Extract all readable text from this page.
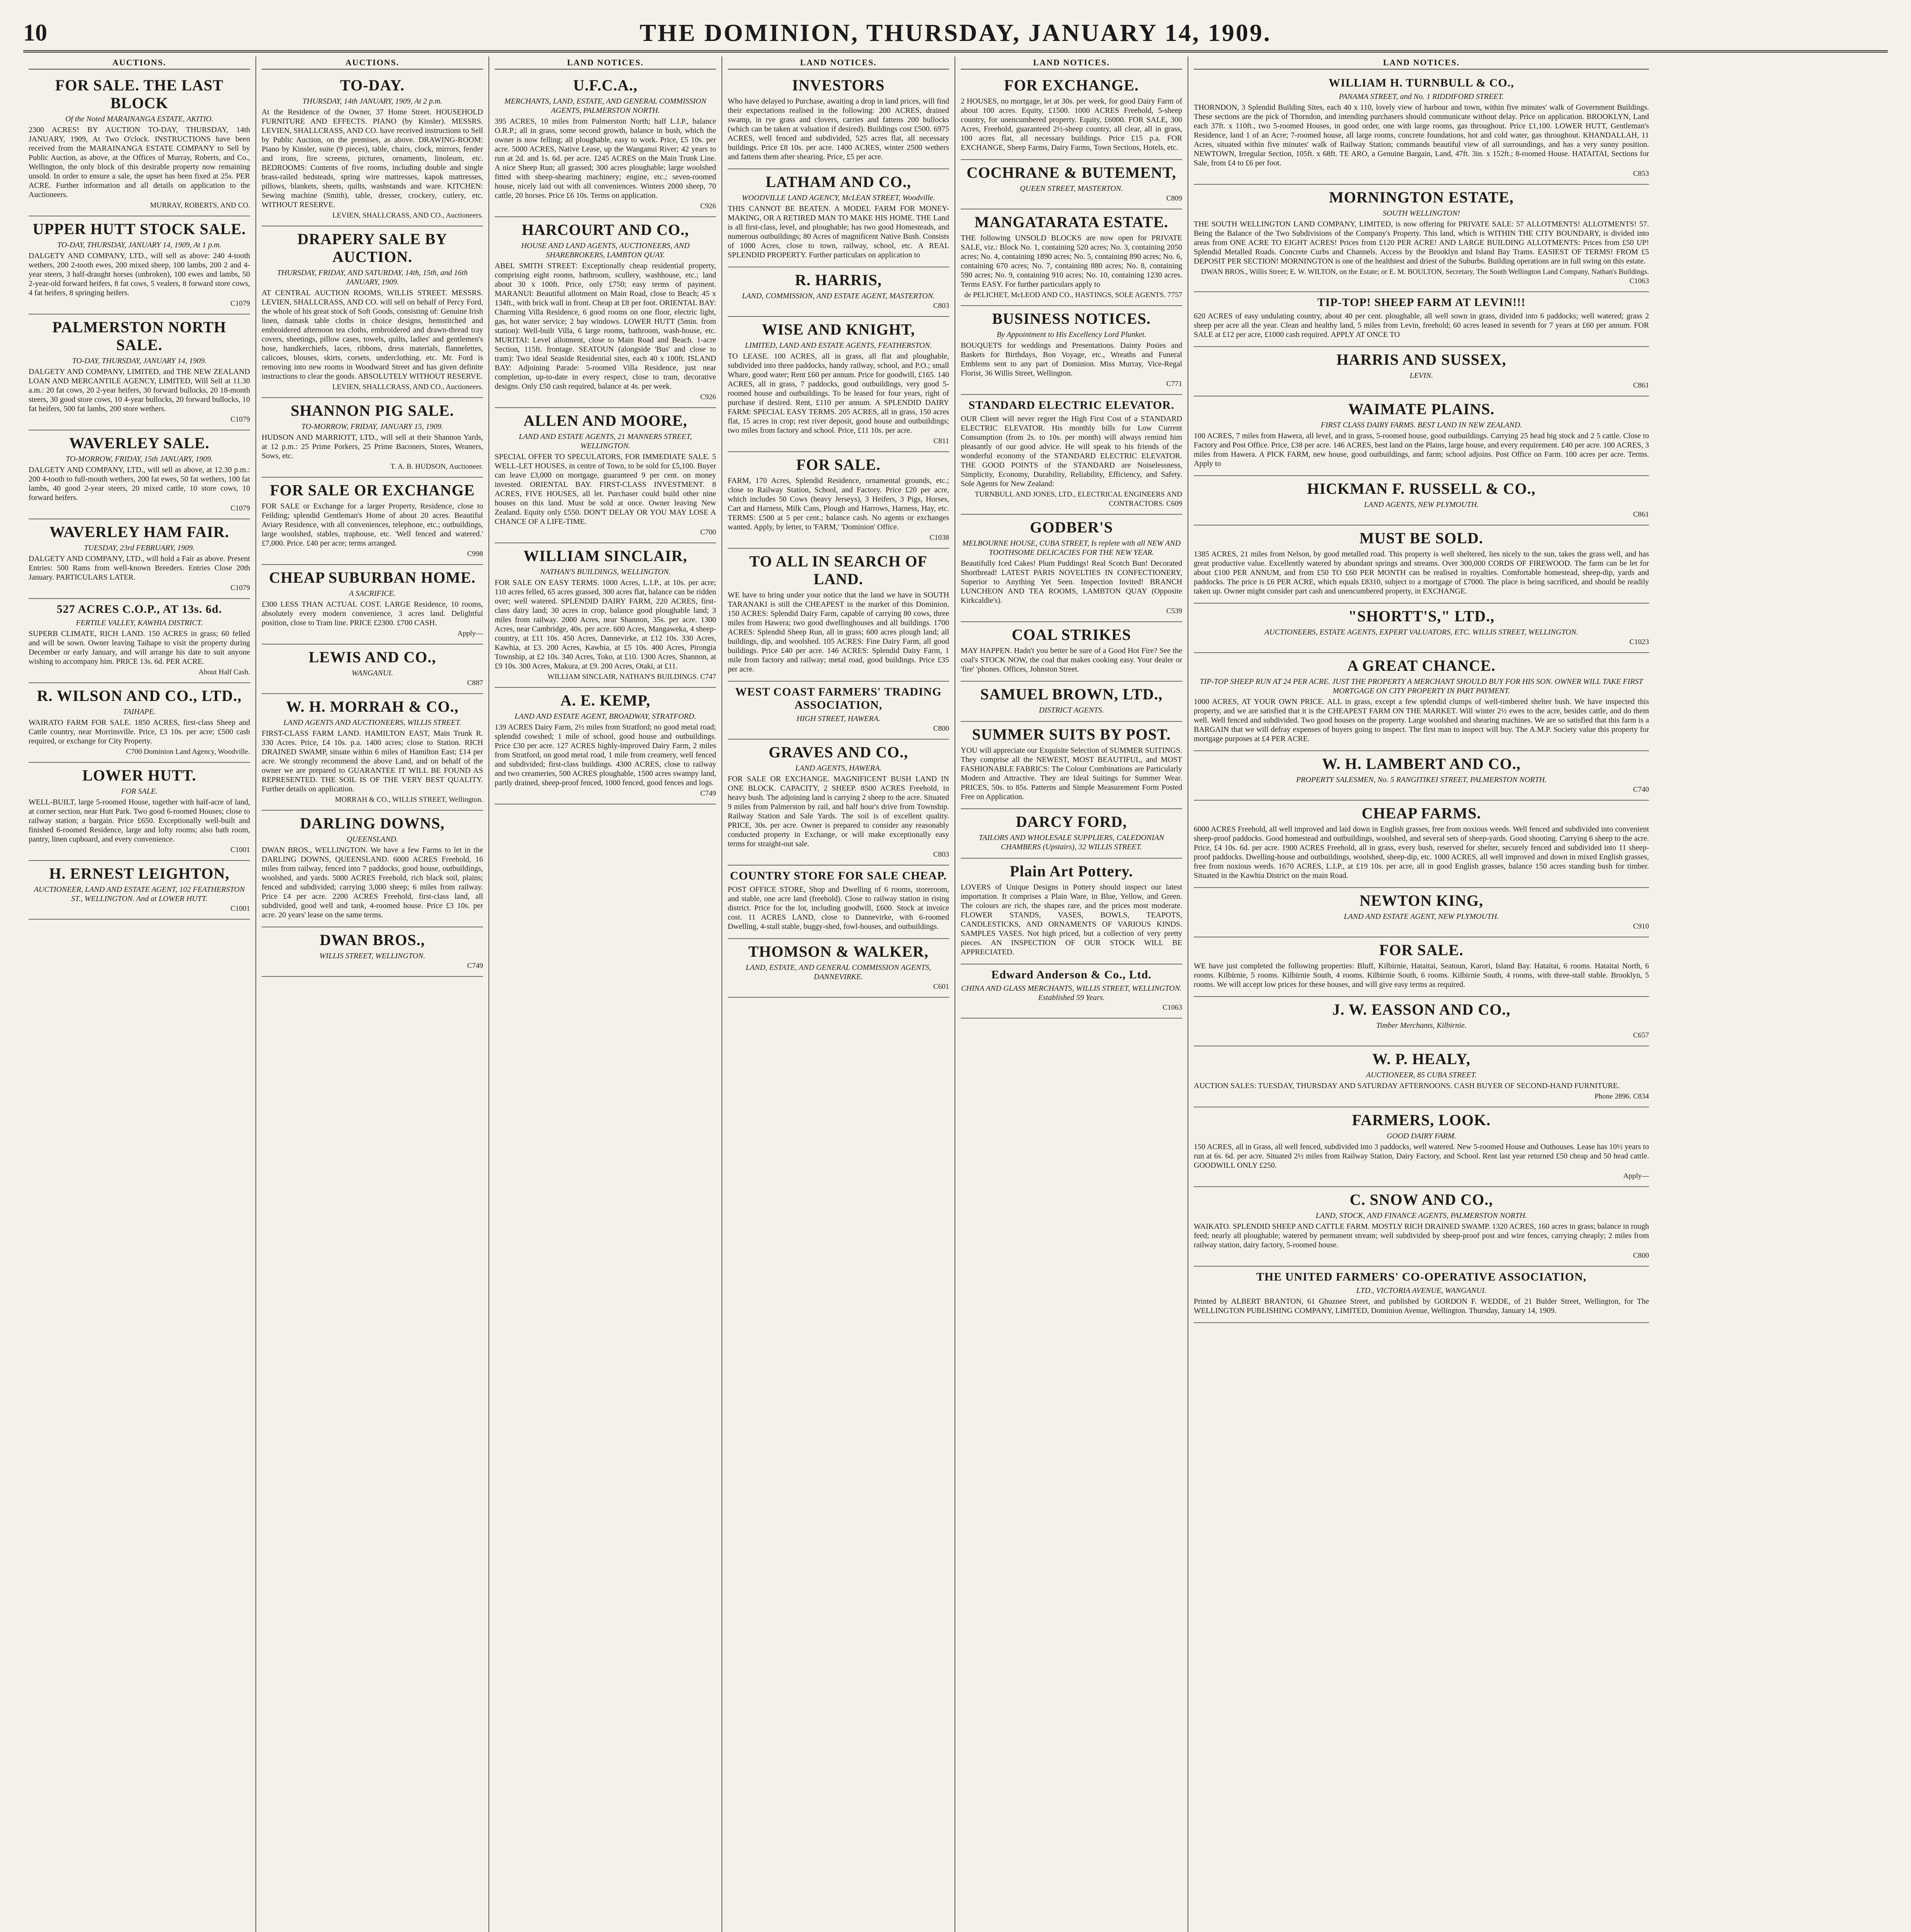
10	THE DOMINION, THURSDAY, JANUARY 14, 1909.
AUCTIONS.
FOR SALE. THE LAST BLOCK
Of the Noted MARAINANGA ESTATE, AKITIO.

2300 ACRES! BY AUCTION TO-DAY, THURSDAY, 14th JANUARY, 1909, At Two O'clock. INSTRUCTIONS have been received from the MARAINANGA ESTATE COMPANY to Sell by Public Auction, as above, at the Offices of Murray, Roberts, and Co., Wellington, the only block of this desirable property now remaining unsold. In order to ensure a sale, the upset has been fixed at 25s. PER ACRE. Further information and all details on application to the Auctioneers.

MURRAY, ROBERTS, AND CO.
UPPER HUTT STOCK SALE.
TO-DAY, THURSDAY, JANUARY 14, 1909, At 1 p.m.

DALGETY AND COMPANY, LTD., will sell as above: 240 4-tooth wethers, 200 2-tooth ewes, 200 mixed sheep, 100 lambs, 200 2 and 4-year steers, 3 half-draught horses (unbroken), 100 ewes and lambs, 50 2-year-old forward heifers, 8 fat cows, 5 vealers, 8 forward store cows, 4 fat heifers, 8 springing heifers.

C1079
PALMERSTON NORTH SALE.
TO-DAY, THURSDAY, JANUARY 14, 1909.

DALGETY AND COMPANY, LIMITED, and THE NEW ZEALAND LOAN AND MERCANTILE AGENCY, LIMITED, Will Sell at 11.30 a.m.: 20 fat cows, 20 2-year heifers, 30 forward bullocks, 20 18-month steers, 30 good store cows, 10 4-year bullocks, 20 forward bullocks, 10 fat heifers, 500 fat lambs, 200 store wethers.

C1079
WAVERLEY SALE.
TO-MORROW, FRIDAY, 15th JANUARY, 1909.

DALGETY AND COMPANY, LTD., will sell as above, at 12.30 p.m.: 200 4-tooth to full-mouth wethers, 200 fat ewes, 50 fat wethers, 100 fat lambs, 40 good 2-year steers, 20 mixed cattle, 10 store cows, 10 forward heifers.

C1079
WAVERLEY HAM FAIR.
TUESDAY, 23rd FEBRUARY, 1909.

DALGETY AND COMPANY, LTD., will hold a Fair as above. Present Entries: 500 Rams from well-known Breeders. Entries Close 20th January. PARTICULARS LATER.

C1079
527 ACRES C.O.P., AT 13s. 6d.
FERTILE VALLEY, KAWHIA DISTRICT.

SUPERB CLIMATE, RICH LAND. 150 ACRES in grass; 60 felled and will be sown. Owner leaving Taihape to visit the property during December or early January, and will arrange his date to suit anyone wishing to accompany him. PRICE 13s. 6d. PER ACRE.

About Half Cash.
R. WILSON AND CO., LTD.,
TAIHAPE.

WAIRATO FARM FOR SALE. 1850 ACRES, first-class Sheep and Cattle country, near Morrinsville. Price, £3 10s. per acre; £500 cash required, or exchange for City Property.

C700 Dominion Land Agency, Woodville.
LOWER HUTT.
FOR SALE.

WELL-BUILT, large 5-roomed House, together with half-acre of land, at corner section, near Hutt Park. Two good 6-roomed Houses; close to railway station; a bargain. Price £650. Exceptionally well-built and finished 6-roomed Residence, large and lofty rooms; also bath room, pantry, linen cupboard, and every convenience.

C1001
H. ERNEST LEIGHTON,
AUCTIONEER, LAND AND ESTATE AGENT, 102 FEATHERSTON ST., WELLINGTON. And at LOWER HUTT.
C1001
AUCTIONS.
TO-DAY.
THURSDAY, 14th JANUARY, 1909, At 2 p.m.

At the Residence of the Owner, 37 Home Street. HOUSEHOLD FURNITURE AND EFFECTS. PIANO (by Kinsler). MESSRS. LEVIEN, SHALLCRASS, AND CO. have received instructions to Sell by Public Auction, on the premises, as above. DRAWING-ROOM: Piano by Kinsler, suite (9 pieces), table, chairs, clock, mirrors, fender and irons, fire screens, pictures, ornaments, linoleum, etc. BEDROOMS: Contents of five rooms, including double and single brass-railed bedsteads, spring wire mattresses, kapok mattresses, pillows, blankets, sheets, quilts, washstands and ware. KITCHEN: Sewing machine (Smith), table, dresser, crockery, cutlery, etc. WITHOUT RESERVE.

LEVIEN, SHALLCRASS, AND CO., Auctioneers.
DRAPERY SALE BY AUCTION.
THURSDAY, FRIDAY, AND SATURDAY, 14th, 15th, and 16th JANUARY, 1909.

AT CENTRAL AUCTION ROOMS, WILLIS STREET. MESSRS. LEVIEN, SHALLCRASS, AND CO. will sell on behalf of Percy Ford, the whole of his great stock of Soft Goods, consisting of: Genuine Irish linen, damask table cloths in choice designs, hemstitched and embroidered afternoon tea cloths, embroidered and drawn-thread tray covers, sheetings, pillow cases, towels, quilts, ladies' and gentlemen's hose, handkerchiefs, laces, ribbons, dress materials, flannelettes, calicoes, blouses, skirts, corsets, underclothing, etc. Mr. Ford is removing into new rooms in Woodward Street and has given definite instructions to clear the goods. ABSOLUTELY WITHOUT RESERVE.

LEVIEN, SHALLCRASS, AND CO., Auctioneers.
SHANNON PIG SALE.
TO-MORROW, FRIDAY, JANUARY 15, 1909.

HUDSON AND MARRIOTT, LTD., will sell at their Shannon Yards, at 12 p.m.: 25 Prime Porkers, 25 Prime Baconers, Stores, Weaners, Sows, etc.

T. A. B. HUDSON, Auctioneer.
FOR SALE OR EXCHANGE

FOR SALE or Exchange for a larger Property, Residence, close to Feilding; splendid Gentleman's Home of about 20 acres. Beautiful Aviary Residence, with all conveniences, telephone, etc.; outbuildings, large woolshed, stables, traphouse, etc. 'Well fenced and watered.' £7,000. Price. £40 per acre; terms arranged.

C998
CHEAP SUBURBAN HOME.
A SACRIFICE.

£300 LESS THAN ACTUAL COST. LARGE Residence, 10 rooms, absolutely every modern convenience, 3 acres land. Delightful position, close to Tram line. PRICE £2300. £700 CASH.

Apply—
LEWIS AND CO.,
WANGANUI.
C887
W. H. MORRAH & CO.,
LAND AGENTS AND AUCTIONEERS, WILLIS STREET.

FIRST-CLASS FARM LAND. HAMILTON EAST, Main Trunk R. 330 Acres. Price, £4 10s. p.a. 1400 acres; close to Station. RICH DRAINED SWAMP, situate within 6 miles of Hamilton East; £14 per acre. We strongly recommend the above Land, and on behalf of the owner we are prepared to GUARANTEE IT WILL BE FOUND AS REPRESENTED. THE SOIL IS OF THE VERY BEST QUALITY. Further details on application.

MORRAH & CO., WILLIS STREET, Wellington.
DARLING DOWNS,
QUEENSLAND.

DWAN BROS., WELLINGTON. We have a few Farms to let in the DARLING DOWNS, QUEENSLAND. 6000 ACRES Freehold, 16 miles from railway, fenced into 7 paddocks, good house, outbuildings, woolshed, and yards. 5000 ACRES Freehold, rich black soil, plains; fenced and subdivided; carrying 3,000 sheep; 6 miles from railway. Price £4 per acre. 2200 ACRES Freehold, first-class land, all subdivided, good well and tank, 4-roomed house. Price £3 10s. per acre. 20 years' lease on the same terms.

DWAN BROS.,
WILLIS STREET, WELLINGTON.
C749
LAND NOTICES.
U.F.C.A.,
MERCHANTS, LAND, ESTATE, AND GENERAL COMMISSION AGENTS, PALMERSTON NORTH.

395 ACRES, 10 miles from Palmerston North; half L.I.P., balance O.R.P.; all in grass, some second growth, balance in bush, which the owner is now felling; all ploughable, easy to work. Price, £5 10s. per acre. 5000 ACRES, Native Lease, up the Wanganui River; 42 years to run at 2d. and 1s. 6d. per acre. 1245 ACRES on the Main Trunk Line. A nice Sheep Run; all grassed; 300 acres ploughable; large woolshed fitted with sheep-shearing machinery; engine, etc.; seven-roomed house, nicely laid out with all conveniences. Winters 2000 sheep, 70 cattle, 20 horses. Price £6 10s. Terms on application.

C926
HARCOURT AND CO.,
HOUSE AND LAND AGENTS, AUCTIONEERS, AND SHAREBROKERS, LAMBTON QUAY.

ABEL SMITH STREET: Exceptionally cheap residential property, comprising eight rooms, bathroom, scullery, washhouse, etc.; land about 30 x 100ft. Price, only £750; easy terms of payment. MARANUI: Beautiful allotment on Main Road, close to Beach; 45 x 134ft., with brick wall in front. Cheap at £8 per foot. ORIENTAL BAY: Charming Villa Residence, 6 good rooms on one floor, electric light, gas, hot water service; 2 bay windows. LOWER HUTT (5min. from station): Well-built Villa, 6 large rooms, bathroom, wash-house, etc. MURITAI: Level allotment, close to Main Road and Beach. 1-acre Section, 115ft. frontage. SEATOUN (alongside 'Bus' and close to tram): Two ideal Seaside Residential sites, each 40 x 100ft. ISLAND BAY: Adjoining Parade: 5-roomed Villa Residence, just near completion, up-to-date in every respect, close to tram, decorative designs. Only £50 cash required, balance at 4s. per week.

C926
ALLEN AND MOORE,
LAND AND ESTATE AGENTS, 21 MANNERS STREET, WELLINGTON.

SPECIAL OFFER TO SPECULATORS, FOR IMMEDIATE SALE. 5 WELL-LET HOUSES, in centre of Town, to be sold for £5,100. Buyer can leave £3,000 on mortgage, guaranteed 9 per cent. on money invested. ORIENTAL BAY. FIRST-CLASS INVESTMENT. 8 ACRES, FIVE HOUSES, all let. Purchaser could build other nine houses on this land. Must be sold at once. Owner leaving New Zealand. Equity only £550. DON'T DELAY OR YOU MAY LOSE A CHANCE OF A LIFE-TIME.

C700
WILLIAM SINCLAIR,
NATHAN'S BUILDINGS, WELLINGTON.

FOR SALE ON EASY TERMS. 1000 Acres, L.I.P., at 10s. per acre; 110 acres felled, 65 acres grassed, 300 acres flat, balance can be ridden over; well watered. SPLENDID DAIRY FARM, 220 ACRES, first-class dairy land; 30 acres in crop, balance good ploughable land; 3 miles from railway. 2000 Acres, near Shannon, 35s. per acre. 1300 Acres, near Cambridge, 40s. per acre. 600 Acres, Mangaweka, 4 sheep-country, at £11 10s. 450 Acres, Dannevirke, at £12 10s. 330 Acres, Kawhia, at £3. 200 Acres, Kawhia, at £5 10s. 400 Acres, Pirongia Township, at £2 10s. 340 Acres, Toko, at £10. 1300 Acres, Shannon, at £9 10s. 300 Acres, Makura, at £9. 200 Acres, Otaki, at £11.

WILLIAM SINCLAIR, NATHAN'S BUILDINGS. C747
A. E. KEMP,
LAND AND ESTATE AGENT, BROADWAY, STRATFORD.

139 ACRES Dairy Farm, 2½ miles from Stratford; no good metal road; splendid cowshed; 1 mile of school, good house and outbuildings. Price £30 per acre. 127 ACRES highly-improved Dairy Farm, 2 miles from Stratford, on good metal road, 1 mile from creamery, well fenced and subdivided; first-class buildings. 4300 ACRES, close to railway and two creameries, 500 ACRES ploughable, 1500 acres swampy land, partly drained, sheep-proof fenced, 1000 fenced, good fences and logs.

C749
LAND NOTICES.
INVESTORS

Who have delayed to Purchase, awaiting a drop in land prices, will find their expectations realised in the following: 200 ACRES, drained swamp, in rye grass and clovers, carries and fattens 200 bullocks (which can be taken at valuation if desired). Buildings cost £500. 6975 ACRES, well fenced and subdivided, 525 acres flat, all necessary buildings. Price £8 10s. per acre. 1400 ACRES, winter 2500 wethers and fattens them after shearing. Price, £5 per acre.

LATHAM AND CO.,
WOODVILLE LAND AGENCY, McLEAN STREET, Woodville.

THIS CANNOT BE BEATEN. A MODEL FARM FOR MONEY-MAKING, OR A RETIRED MAN TO MAKE HIS HOME. THE Land is all first-class, level, and ploughable; has two good Homesteads, and numerous outbuildings; 80 Acres of magnificent Native Bush. Consists of 1000 Acres, close to town, railway, school, etc. A REAL SPLENDID PROPERTY. Further particulars on application to

R. HARRIS,
LAND, COMMISSION, AND ESTATE AGENT, MASTERTON.
C803
WISE AND KNIGHT,
LIMITED, LAND AND ESTATE AGENTS, FEATHERSTON.

TO LEASE. 100 ACRES, all in grass, all flat and ploughable, subdivided into three paddocks, handy railway, school, and P.O.; small Whare, good water; Rent £60 per annum. Price for goodwill, £165. 140 ACRES, all in grass, 7 paddocks, good outbuildings, very good 5-roomed house and outbuildings. To be leased for four years, right of purchase if desired. Rent, £110 per annum. A SPLENDID DAIRY FARM: SPECIAL EASY TERMS. 205 ACRES, all in grass, 150 acres flat, 15 acres in crop; rest river deposit, good house and outbuildings; two miles from factory and school. Price, £11 10s. per acre.

C811
FOR SALE.

FARM, 170 Acres, Splendid Residence, ornamental grounds, etc.; close to Railway Station, School, and Factory. Price £20 per acre, which includes 50 Cows (heavy Jerseys), 3 Heifers, 3 Pigs, Horses, Cart and Harness, Milk Cans, Plough and Harrows, Harness, Hay, etc. TERMS: £500 at 5 per cent.; balance cash. No agents or exchanges wanted. Apply, by letter, to 'FARM,' 'Dominion' Office.

C1038
TO ALL IN SEARCH OF LAND.

WE have to bring under your notice that the land we have in SOUTH TARANAKI is still the CHEAPEST in the market of this Dominion. 150 ACRES: Splendid Dairy Farm, capable of carrying 80 cows, three miles from Hawera; two good dwellinghouses and all buildings. 1700 ACRES: Splendid Sheep Run, all in grass; 600 acres plough land; all buildings, dip, and woolshed. 105 ACRES: Fine Dairy Farm, all good buildings. Price £40 per acre. 146 ACRES: Splendid Dairy Farm, 1 mile from factory and railway; metal road, good buildings. Price £35 per acre.

WEST COAST FARMERS' TRADING ASSOCIATION,
HIGH STREET, HAWERA.
C800
GRAVES AND CO.,
LAND AGENTS, HAWERA.

FOR SALE OR EXCHANGE. MAGNIFICENT BUSH LAND IN ONE BLOCK. CAPACITY, 2 SHEEP. 8500 ACRES Freehold, in heavy bush. The adjoining land is carrying 2 sheep to the acre. Situated 9 miles from Palmerston by rail, and half hour's drive from Township. Railway Station and Sale Yards. The soil is of excellent quality. PRICE, 30s. per acre. Owner is prepared to consider any reasonably conducted property in Exchange, or will make exceptionally easy terms for straight-out sale.

C803
COUNTRY STORE FOR SALE CHEAP.

POST OFFICE STORE, Shop and Dwelling of 6 rooms, storeroom, and stable, one acre land (freehold). Close to railway station in rising district. Price for the lot, including goodwill, £600. Stock at invoice cost. 11 ACRES LAND, close to Dannevirke, with 6-roomed Dwelling, 4-stall stable, buggy-shed, fowl-houses, and outbuildings.

THOMSON & WALKER,
LAND, ESTATE, AND GENERAL COMMISSION AGENTS, DANNEVIRKE.
C601
LAND NOTICES.
FOR EXCHANGE.

2 HOUSES, no mortgage, let at 30s. per week, for good Dairy Farm of about 100 acres. Equity, £1500. 1000 ACRES Freehold, 5-sheep country, for unencumbered property. Equity, £6000. FOR SALE, 300 Acres, Freehold, guaranteed 2½-sheep country, all clear, all in grass, 100 acres flat, all necessary buildings. Price £15 p.a. FOR EXCHANGE, Sheep Farms, Dairy Farms, Town Sections, Hotels, etc.

COCHRANE & BUTEMENT,
QUEEN STREET, MASTERTON.
C809
MANGATARATA ESTATE.

THE following UNSOLD BLOCKS are now open for PRIVATE SALE, viz.: Block No. 1, containing 520 acres; No. 3, containing 2050 acres; No. 4, containing 1890 acres; No. 5, containing 890 acres; No. 6, containing 670 acres; No. 7, containing 880 acres; No. 8, containing 590 acres; No. 9, containing 910 acres; No. 10, containing 1230 acres. Terms EASY. For further particulars apply to

de PELICHET, McLEOD AND CO., HASTINGS, SOLE AGENTS. 7757
BUSINESS NOTICES.
By Appointment to His Excellency Lord Plunket.

BOUQUETS for weddings and Presentations. Dainty Posies and Baskets for Birthdays, Bon Voyage, etc., Wreaths and Funeral Emblems sent to any part of Dominion. Miss Murray, Vice-Regal Florist, 36 Willis Street, Wellington.

C771
STANDARD ELECTRIC ELEVATOR.

OUR Client will never regret the High First Cost of a STANDARD ELECTRIC ELEVATOR. His monthly bills for Low Current Consumption (from 2s. to 10s. per month) will always remind him pleasantly of our good advice. He will speak to his friends of the wonderful economy of the STANDARD ELECTRIC ELEVATOR. THE GOOD POINTS of the STANDARD are Noiselessness, Simplicity, Economy, Durability, Reliability, Efficiency, and Safety. Sole Agents for New Zealand:

TURNBULL AND JONES, LTD., ELECTRICAL ENGINEERS AND CONTRACTORS. C609
GODBER'S
MELBOURNE HOUSE, CUBA STREET, Is replete with all NEW AND TOOTHSOME DELICACIES FOR THE NEW YEAR.

Beautifully Iced Cakes! Plum Puddings! Real Scotch Bun! Decorated Shortbread! LATEST PARIS NOVELTIES IN CONFECTIONERY, Superior to Anything Yet Seen. Inspection Invited! BRANCH LUNCHEON AND TEA ROOMS, LAMBTON QUAY (Opposite Kirkcaldie's).

C539
COAL STRIKES

MAY HAPPEN. Hadn't you better be sure of a Good Hot Fire? See the coal's STOCK NOW, the coal that makes cooking easy. Your dealer or 'fire' 'phones. Offices, Johnston Street.

SAMUEL BROWN, LTD.,
DISTRICT AGENTS.
SUMMER SUITS BY POST.

YOU will appreciate our Exquisite Selection of SUMMER SUITINGS. They comprise all the NEWEST, MOST BEAUTIFUL, and MOST FASHIONABLE FABRICS: The Colour Combinations are Particularly Modern and Attractive. They are Ideal Suitings for Summer Wear. PRICES, 50s. to 85s. Patterns and Simple Measurement Form Posted Free on Application.

DARCY FORD,
TAILORS AND WHOLESALE SUPPLIERS, CALEDONIAN CHAMBERS (Upstairs), 32 WILLIS STREET.
Plain Art Pottery.

LOVERS of Unique Designs in Pottery should inspect our latest importation. It comprises a Plain Ware, in Blue, Yellow, and Green. The colours are rich, the shapes rare, and the prices most moderate. FLOWER STANDS, VASES, BOWLS, TEAPOTS, CANDLESTICKS, AND ORNAMENTS OF VARIOUS KINDS. SAMPLES VASES. Not high priced, but a collection of very pretty pieces. AN INSPECTION OF OUR STOCK WILL BE APPRECIATED.

Edward Anderson & Co., Ltd.
CHINA AND GLASS MERCHANTS, WILLIS STREET, WELLINGTON. Established 59 Years.
C1063
LAND NOTICES.
WILLIAM H. TURNBULL & CO.,
PANAMA STREET, and No. 1 RIDDIFORD STREET.

THORNDON, 3 Splendid Building Sites, each 40 x 110, lovely view of harbour and town, within five minutes' walk of Government Buildings. These sections are the pick of Thorndon, and intending purchasers should communicate without delay. Price on application. BROOKLYN, Land each 37ft. x 110ft., two 5-roomed Houses, in good order, one with large rooms, gas throughout. Price £1,100. LOWER HUTT, Gentleman's Residence, land 1 of an Acre; 7-roomed house, all large rooms, concrete foundations, hot and cold water, gas throughout. KHANDALLAH, 11 Acres, situated within five minutes' walk of Railway Station; commands beautiful view of all surroundings, and has a very sunny position. NEWTOWN, Irregular Section, 105ft. x 68ft. TE ARO, a Genuine Bargain, Land, 47ft. 3in. x 152ft.; 8-roomed House. HATAITAI, Sections for Sale, from £4 to £6 per foot.

C853
MORNINGTON ESTATE,
SOUTH WELLINGTON!

THE SOUTH WELLINGTON LAND COMPANY, LIMITED, is now offering for PRIVATE SALE: 57 ALLOTMENTS! ALLOTMENTS! 57. Being the Balance of the Two Subdivisions of the Company's Property. This land, which is WITHIN THE CITY BOUNDARY, is divided into areas from ONE ACRE TO EIGHT ACRES! Prices from £120 PER ACRE! AND LARGE BUILDING ALLOTMENTS: Prices from £50 UP! Splendid Metalled Roads. Concrete Curbs and Channels. Access by the Brooklyn and Island Bay Trams. EASIEST OF TERMS! FROM £5 DEPOSIT PER SECTION! MORNINGTON is one of the healthiest and driest of the Suburbs. Building operations are in full swing on this estate.

DWAN BROS., Willis Street; E. W. WILTON, on the Estate; or E. M. BOULTON, Secretary, The South Wellington Land Company, Nathan's Buildings. C1063
TIP-TOP! SHEEP FARM AT LEVIN!!!

620 ACRES of easy undulating country, about 40 per cent. ploughable, all well sown in grass, divided into 6 paddocks; well watered; grass 2 sheep per acre all the year. Clean and healthy land, 5 miles from Levin, freehold; 60 acres leased in seventh for 7 years at £60 per annum. FOR SALE at £12 per acre, £1000 cash required. APPLY AT ONCE TO

HARRIS AND SUSSEX,
LEVIN.
C861
WAIMATE PLAINS.
FIRST CLASS DAIRY FARMS. BEST LAND IN NEW ZEALAND.

100 ACRES, 7 miles from Hawera, all level, and in grass, 5-roomed house, good outbuildings. Carrying 25 head big stock and 2 5 cattle. Close to Factory and Post Office. Price, £38 per acre. 146 ACRES, best land on the Plains, large house, and every requirement. £40 per acre. 100 ACRES, 3 miles from Hawera. A PICK FARM, new house, good outbuildings, and farm; school adjoins. Post Office on Farm. 100 acres per acre. Terms. Apply to

HICKMAN F. RUSSELL & CO.,
LAND AGENTS, NEW PLYMOUTH.
C861
MUST BE SOLD.

1385 ACRES, 21 miles from Nelson, by good metalled road. This property is well sheltered, lies nicely to the sun, takes the grass well, and has great productive value. Excellently watered by abundant springs and streams. Over 300,000 CORDS OF FIREWOOD. The farm can be let for about £100 PER ANNUM, and from £50 TO £60 PER MONTH can be realised in royalties. Comfortable homestead, sheep-dip, yards and paddocks. The price is £6 PER ACRE, which equals £8310, subject to a mortgage of £7000. The place is being sacrificed, and should be readily taken up. Owner might consider part cash and unencumbered property, in EXCHANGE.

"SHORTT'S," LTD.,
AUCTIONEERS, ESTATE AGENTS, EXPERT VALUATORS, ETC. WILLIS STREET, WELLINGTON.
C1023
A GREAT CHANCE.
TIP-TOP SHEEP RUN AT 24 PER ACRE. JUST THE PROPERTY A MERCHANT SHOULD BUY FOR HIS SON. OWNER WILL TAKE FIRST MORTGAGE ON CITY PROPERTY IN PART PAYMENT.

1000 ACRES, AT YOUR OWN PRICE. ALL in grass, except a few splendid clumps of well-timbered shelter bush. We have inspected this property, and we are satisfied that it is the CHEAPEST FARM ON THE MARKET. Will winter 2½ ewes to the acre, besides cattle, and do them well. Well fenced and subdivided. Two good houses on the property. Large woolshed and shearing machines. We are so satisfied that this farm is a BARGAIN that we will defray expenses of buyers going to inspect. The first man to inspect will buy. The A.M.P. Society value this property for mortgage purposes at £4 PER ACRE.

W. H. LAMBERT AND CO.,
PROPERTY SALESMEN, No. 5 RANGITIKEI STREET, PALMERSTON NORTH.
C740
CHEAP FARMS.

6000 ACRES Freehold, all well improved and laid down in English grasses, free from noxious weeds. Well fenced and subdivided into convenient sheep-proof paddocks. Good homestead and outbuildings, woolshed, and several sets of sheep-yards. Good shooting. Carrying 6 sheep to the acre. Price, £4 10s. 6d. per acre. 1900 ACRES Freehold, all in grass, every bush, reserved for shelter, securely fenced and subdivided into 11 sheep-proof paddocks. Dwelling-house and outbuildings, woolshed, sheep-dip, etc. 1000 ACRES, all well improved and down in mixed English grasses, free from noxious weeds. 1670 ACRES, L.I.P., at £19 10s. per acre, all in good English grasses, balance 150 acres standing bush for timber. Situated in the Kawhia District on the main Road.

NEWTON KING,
LAND AND ESTATE AGENT, NEW PLYMOUTH.
C910
FOR SALE.

WE have just completed the following properties: Bluff, Kilbirnie, Hataitai, Seatoun, Karori, Island Bay. Hataitai, 6 rooms. Hataitai North, 6 rooms. Kilbirnie, 5 rooms. Kilbirnie South, 4 rooms. Kilbirnie South, 6 rooms. Kilbirnie South, 4 rooms, with three-stall stable. Brooklyn, 5 rooms. We will accept low prices for these houses, and will give easy terms as required.

J. W. EASSON AND CO.,
Timber Merchants, Kilbirnie.
C657
W. P. HEALY,
AUCTIONEER, 85 CUBA STREET.

AUCTION SALES: TUESDAY, THURSDAY AND SATURDAY AFTERNOONS. CASH BUYER OF SECOND-HAND FURNITURE.

Phone 2896. C834
FARMERS, LOOK.
GOOD DAIRY FARM.

150 ACRES, all in Grass, all well fenced, subdivided into 3 paddocks, well watered. New 5-roomed House and Outhouses. Lease has 10½ years to run at 6s. 6d. per acre. Situated 2½ miles from Railway Station, Dairy Factory, and School. Rent last year returned £50 cheap and 50 head cattle. GOODWILL ONLY £250.

Apply—
C. SNOW AND CO.,
LAND, STOCK, AND FINANCE AGENTS, PALMERSTON NORTH.

WAIKATO. SPLENDID SHEEP AND CATTLE FARM. MOSTLY RICH DRAINED SWAMP. 1320 ACRES, 160 acres in grass; balance in rough feed; nearly all ploughable; watered by permanent stream; well subdivided by sheep-proof post and wire fences, carrying cheaply; 2 miles from railway station, dairy factory, 5-roomed house.

C800
THE UNITED FARMERS' CO-OPERATIVE ASSOCIATION,
LTD., VICTORIA AVENUE, WANGANUI.

Printed by ALBERT BRANTON, 61 Ghuznee Street, and published by GORDON F. WEDDE, of 21 Bulder Street, Wellington, for The WELLINGTON PUBLISHING COMPANY, LIMITED, Dominion Avenue, Wellington. Thursday, January 14, 1909.
